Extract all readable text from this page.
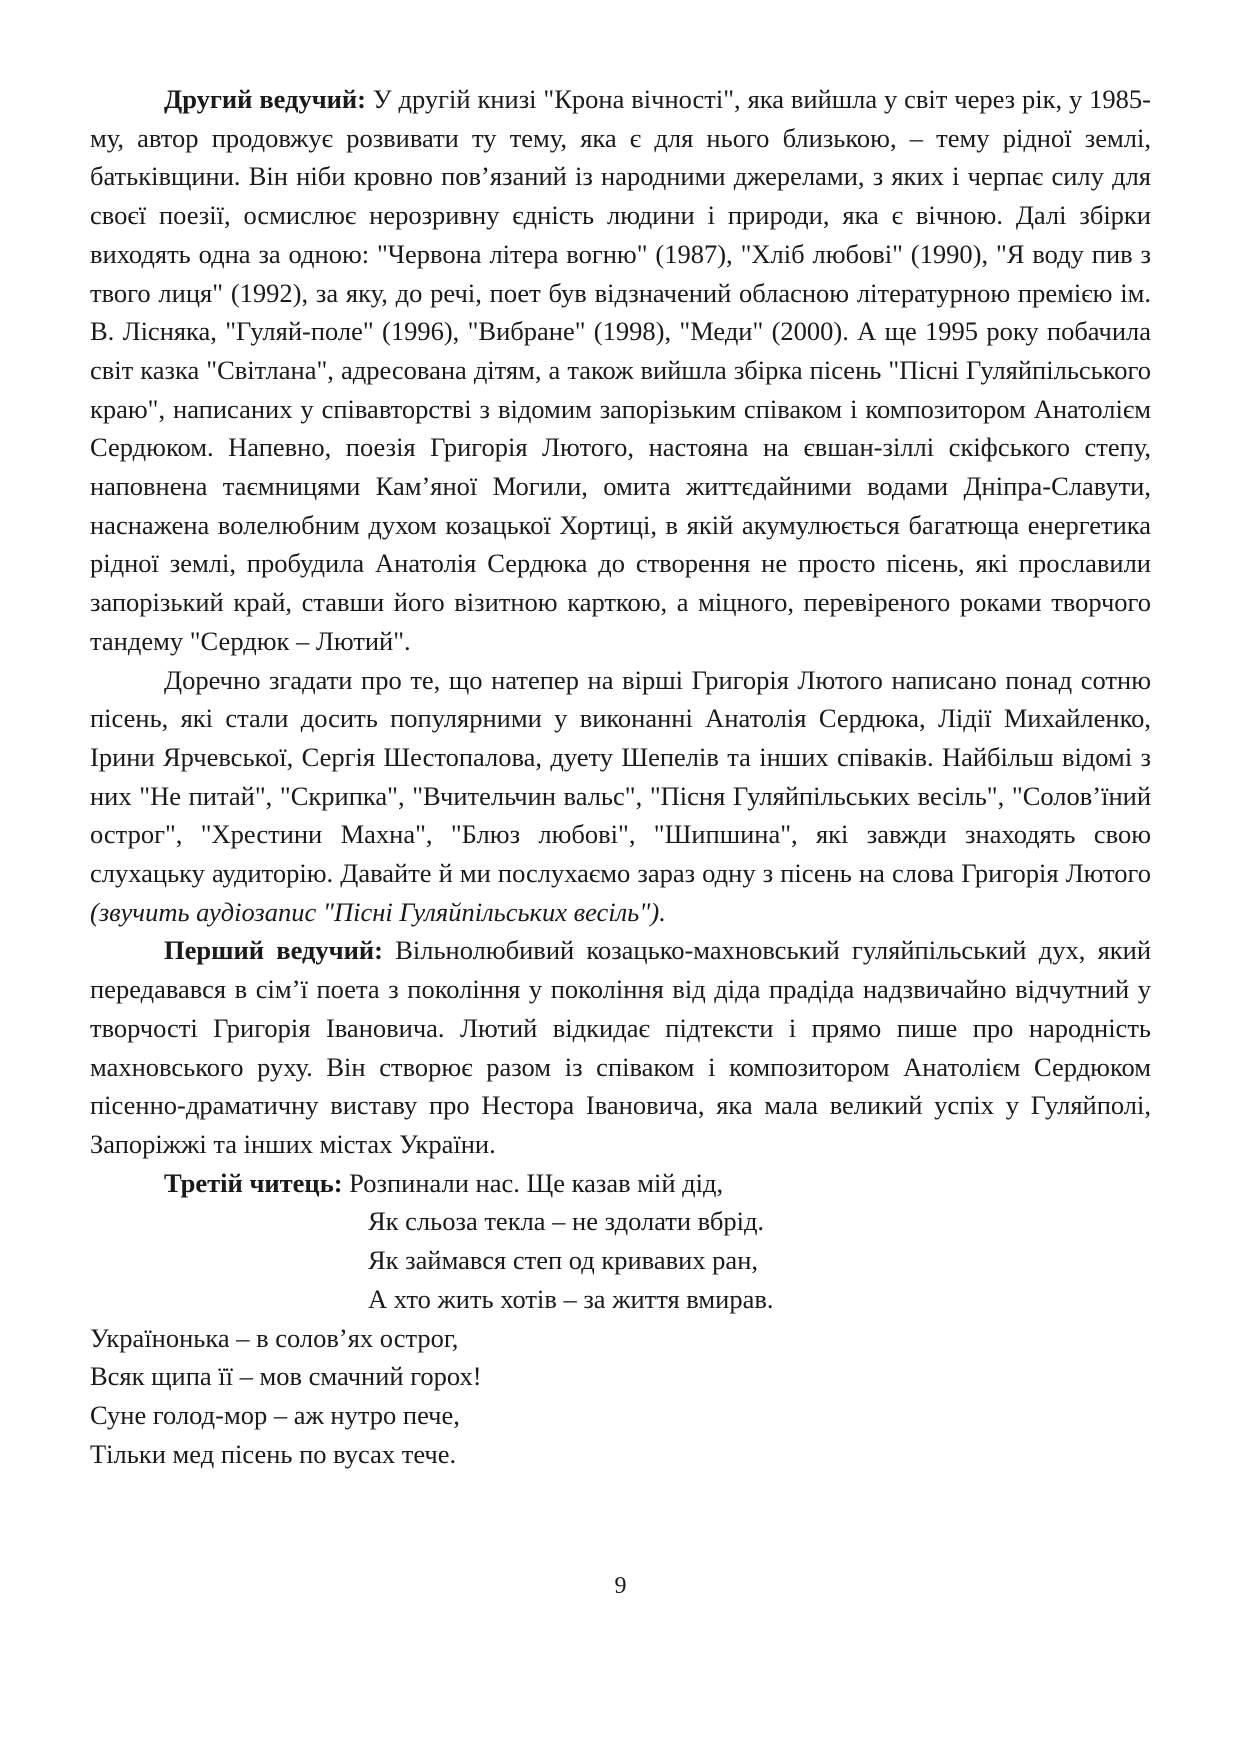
Другий ведучий: У другій книзі "Крона вічності", яка вийшла у світ через рік, у 1985-му, автор продовжує розвивати ту тему, яка є для нього близькою, – тему рідної землі, батьківщини. Він ніби кровно пов’язаний із народними джерелами, з яких і черпає силу для своєї поезії, осмислює нерозривну єдність людини і природи, яка є вічною. Далі збірки виходять одна за одною: "Червона літера вогню" (1987), "Хліб любові" (1990), "Я воду пив з твого лиця" (1992), за яку, до речі, поет був відзначений обласною літературною премією ім. В. Лісняка, "Гуляй-поле" (1996), "Вибране" (1998), "Меди" (2000). А ще 1995 року побачила світ казка "Світлана", адресована дітям, а також вийшла збірка пісень "Пісні Гуляйпільського краю", написаних у співавторстві з відомим запорізьким співаком і композитором Анатолієм Сердюком. Напевно, поезія Григорія Лютого, настояна на євшан-зіллі скіфського степу, наповнена таємницями Кам’яної Могили, омита життєдайними водами Дніпра-Славути, наснажена волелюбним духом козацької Хортиці, в якій акумулюється багатюща енергетика рідної землі, пробудила Анатолія Сердюка до створення не просто пісень, які прославили запорізький край, ставши його візитною карткою, а міцного, перевіреного роками творчого тандему "Сердюк – Лютий".

Доречно згадати про те, що натепер на вірші Григорія Лютого написано понад сотню пісень, які стали досить популярними у виконанні Анатолія Сердюка, Лідії Михайленко, Ірини Ярчевської, Сергія Шестопалова, дуету Шепелів та інших співаків. Найбільш відомі з них "Не питай", "Скрипка", "Вчительчин вальс", "Пісня Гуляйпільських весіль", "Солов’їний острог", "Хрестини Махна", "Блюз любові", "Шипшина", які завжди знаходять свою слухацьку аудиторію. Давайте й ми послухаємо зараз одну з пісень на слова Григорія Лютого (звучить аудіозапис "Пісні Гуляйпільських весіль").

Перший ведучий: Вільнолюбивий козацько-махновський гуляйпільський дух, який передавався в сім’ї поета з покоління у покоління від діда прадіда надзвичайно відчутний у творчості Григорія Івановича. Лютий відкидає підтексти і прямо пише про народність махновського руху. Він створює разом із співаком і композитором Анатолієм Сердюком пісенно-драматичну виставу про Нестора Івановича, яка мала великий успіх у Гуляйполі, Запоріжжі та інших містах України.

Третій читець: Розпинали нас. Ще казав мій дід,

Як сльоза текла – не здолати вбрід.

Як займався степ од кривавих ран,

А хто жить хотів – за життя вмирав.

Українонька – в солов’ях острог,

Всяк щипа її – мов смачний горох!

Суне голод-мор – аж нутро пече,

Тільки мед пісень по вусах тече.

9
